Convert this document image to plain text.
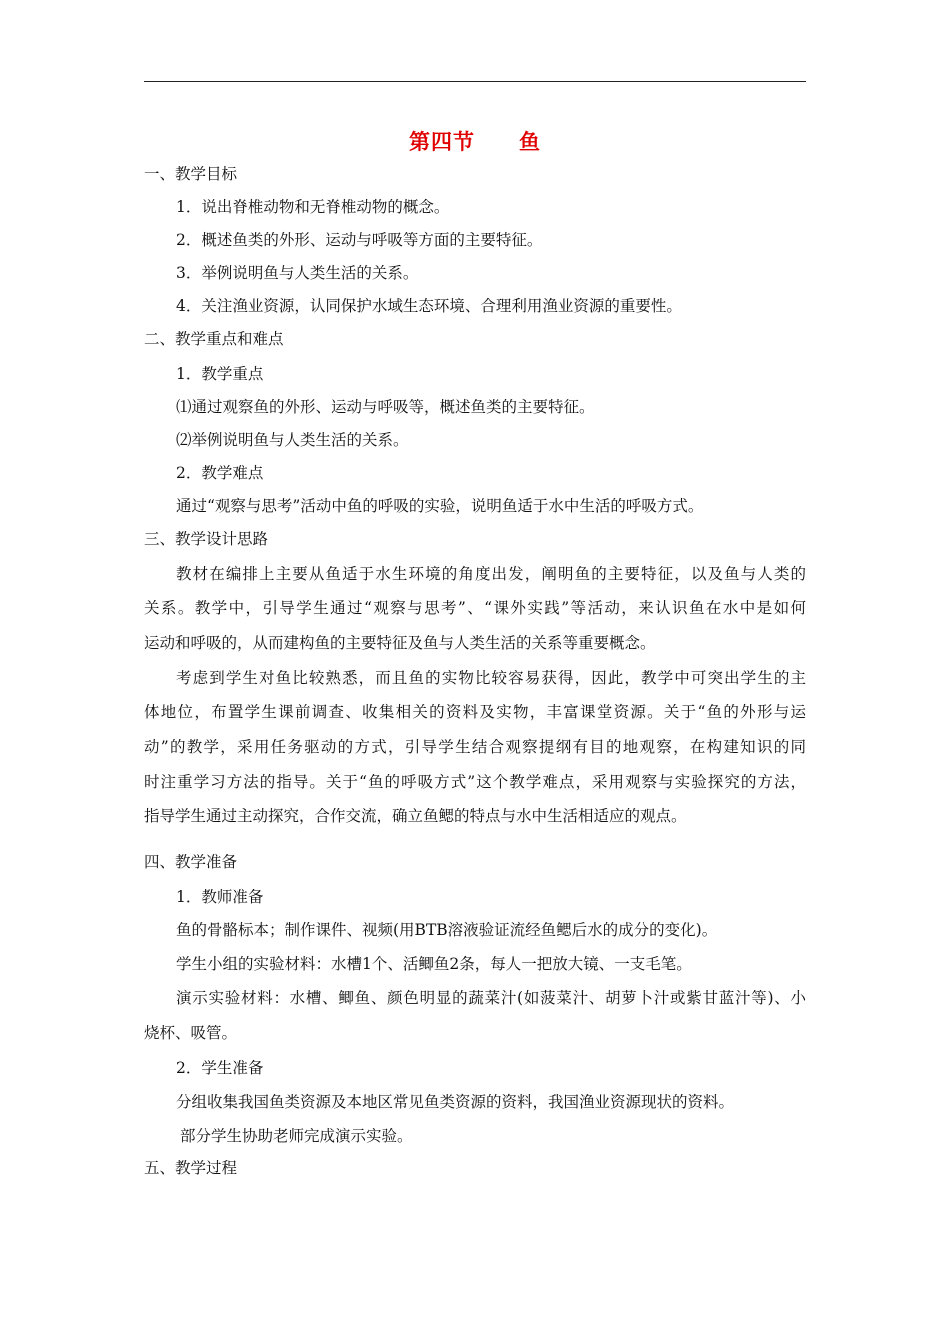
第四节　　鱼
一、教学目标
1．说出脊椎动物和无脊椎动物的概念。
2．概述鱼类的外形、运动与呼吸等方面的主要特征。
3．举例说明鱼与人类生活的关系。
4．关注渔业资源，认同保护水域生态环境、合理利用渔业资源的重要性。
二、教学重点和难点
1．教学重点
⑴通过观察鱼的外形、运动与呼吸等，概述鱼类的主要特征。
⑵举例说明鱼与人类生活的关系。
2．教学难点
通过“观察与思考”活动中鱼的呼吸的实验，说明鱼适于水中生活的呼吸方式。
三、教学设计思路
教材在编排上主要从鱼适于水生环境的角度出发，阐明鱼的主要特征，以及鱼与人类的
关系。教学中，引导学生通过“观察与思考”、“课外实践”等活动，来认识鱼在水中是如何
运动和呼吸的，从而建构鱼的主要特征及鱼与人类生活的关系等重要概念。
考虑到学生对鱼比较熟悉，而且鱼的实物比较容易获得，因此，教学中可突出学生的主
体地位，布置学生课前调查、收集相关的资料及实物，丰富课堂资源。关于“鱼的外形与运
动”的教学，采用任务驱动的方式，引导学生结合观察提纲有目的地观察，在构建知识的同
时注重学习方法的指导。关于“鱼的呼吸方式”这个教学难点，采用观察与实验探究的方法，
指导学生通过主动探究，合作交流，确立鱼鳃的特点与水中生活相适应的观点。
四、教学准备
1．教师准备
鱼的骨骼标本；制作课件、视频(用BTB溶液验证流经鱼鳃后水的成分的变化)。
学生小组的实验材料：水槽1个、活鲫鱼2条，每人一把放大镜、一支毛笔。
演示实验材料：水槽、鲫鱼、颜色明显的蔬菜汁(如菠菜汁、胡萝卜汁或紫甘蓝汁等)、小
烧杯、吸管。
2．学生准备
分组收集我国鱼类资源及本地区常见鱼类资源的资料，我国渔业资源现状的资料。
部分学生协助老师完成演示实验。
五、教学过程
